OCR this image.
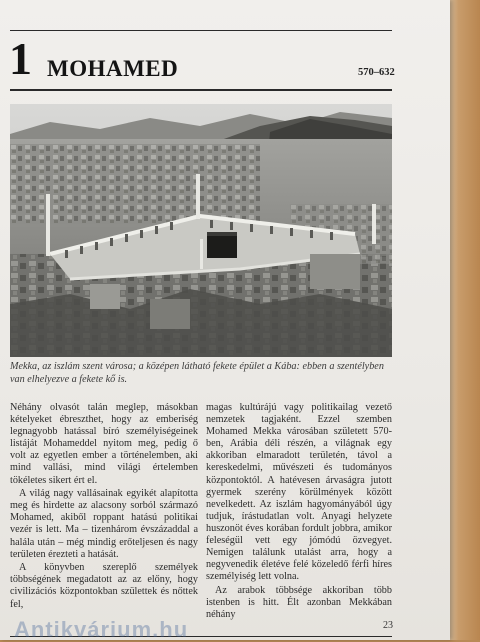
1 MOHAMED	570–632
Mekka, az iszlám szent városa; a középen látható fekete épület a Kába: ebben a szentélyben van elhelyezve a fekete kő is.

Néhány olvasót talán meglep, másokban kételyeket ébreszthet, hogy az emberiség legnagyobb hatással bíró személyiségeinek listáját Mohameddel nyitom meg, pedig ő volt az egyetlen ember a történelemben, aki mind vallási, mind világi értelemben tökéletes sikert ért el.

A világ nagy vallásainak egyikét alapította meg és hirdette az alacsony sorból származó Mohamed, akiből roppant hatású politikai vezér is lett. Ma – tizenhárom évszázaddal a halála után – még mindig erőteljesen és nagy területen érezteti a hatását.

A könyvben szereplő személyek többségének megadatott az az előny, hogy civilizációs központokban születtek és nőttek fel,

magas kultúrájú vagy politikailag vezető nemzetek tagjaként. Ezzel szemben Mohamed Mekka városában született 570-ben, Arábia déli részén, a világnak egy akkoriban elmaradott területén, távol a kereskedelmi, művészeti és tudományos központoktól. A hatévesen árvaságra jutott gyermek szerény körülmények között nevelkedett. Az iszlám hagyományából úgy tudjuk, írástudatlan volt. Anyagi helyzete huszonöt éves korában fordult jobbra, amikor feleségül vett egy jómódú özvegyet. Nemigen találunk utalást arra, hogy a negyvenedik életéve felé közeledő férfi híres személyiség lett volna.

Az arabok többsége akkoriban több istenben is hitt. Élt azonban Mekkában néhány

Antikvárium.hu	23
